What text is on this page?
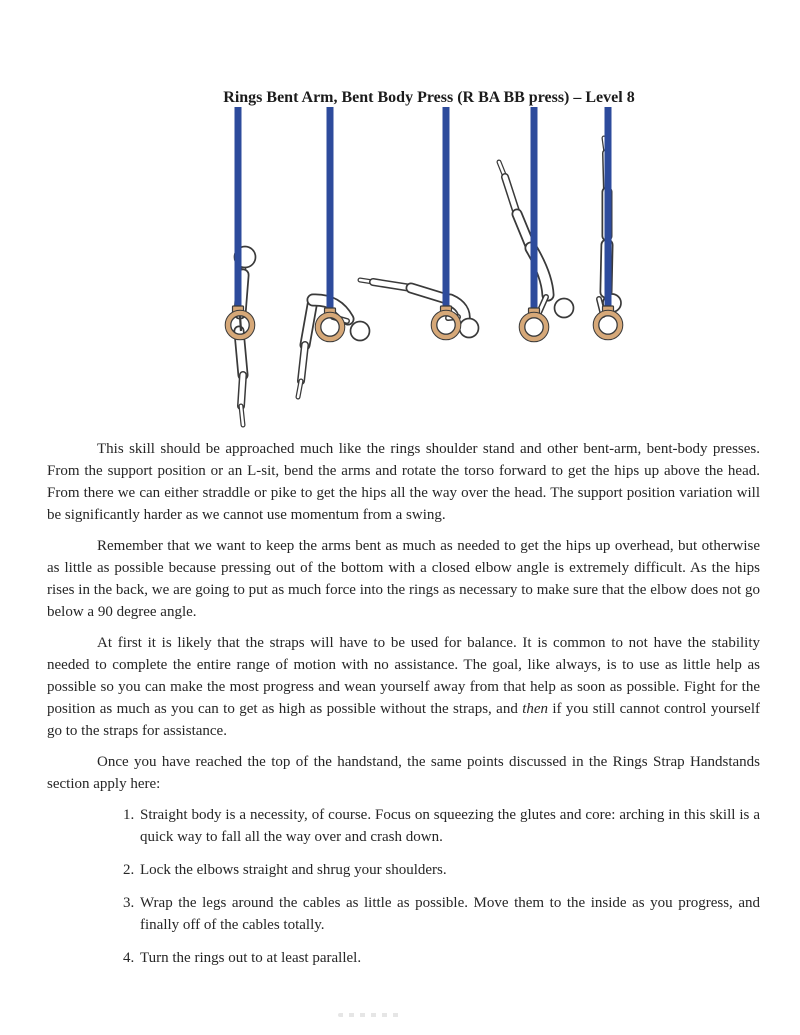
Rings Bent Arm, Bent Body Press (R BA BB press) – Level 8

This skill should be approached much like the rings shoulder stand and other bent-arm, bent-body presses. From the support position or an L-sit, bend the arms and rotate the torso forward to get the hips up above the head. From there we can either straddle or pike to get the hips all the way over the head. The support position variation will be significantly harder as we cannot use momentum from a swing.

Remember that we want to keep the arms bent as much as needed to get the hips up overhead, but otherwise as little as possible because pressing out of the bottom with a closed elbow angle is extremely difficult. As the hips rises in the back, we are going to put as much force into the rings as necessary to make sure that the elbow does not go below a 90 degree angle.

At first it is likely that the straps will have to be used for balance. It is common to not have the stability needed to complete the entire range of motion with no assistance. The goal, like always, is to use as little help as possible so you can make the most progress and wean yourself away from that help as soon as possible. Fight for the position as much as you can to get as high as possible without the straps, and then if you still cannot control yourself go to the straps for assistance.

Once you have reached the top of the handstand, the same points discussed in the Rings Strap Handstands section apply here:

1. Straight body is a necessity, of course. Focus on squeezing the glutes and core: arching in this skill is a quick way to fall all the way over and crash down.
2. Lock the elbows straight and shrug your shoulders.
3. Wrap the legs around the cables as little as possible. Move them to the inside as you progress, and finally off of the cables totally.
4. Turn the rings out to at least parallel.
